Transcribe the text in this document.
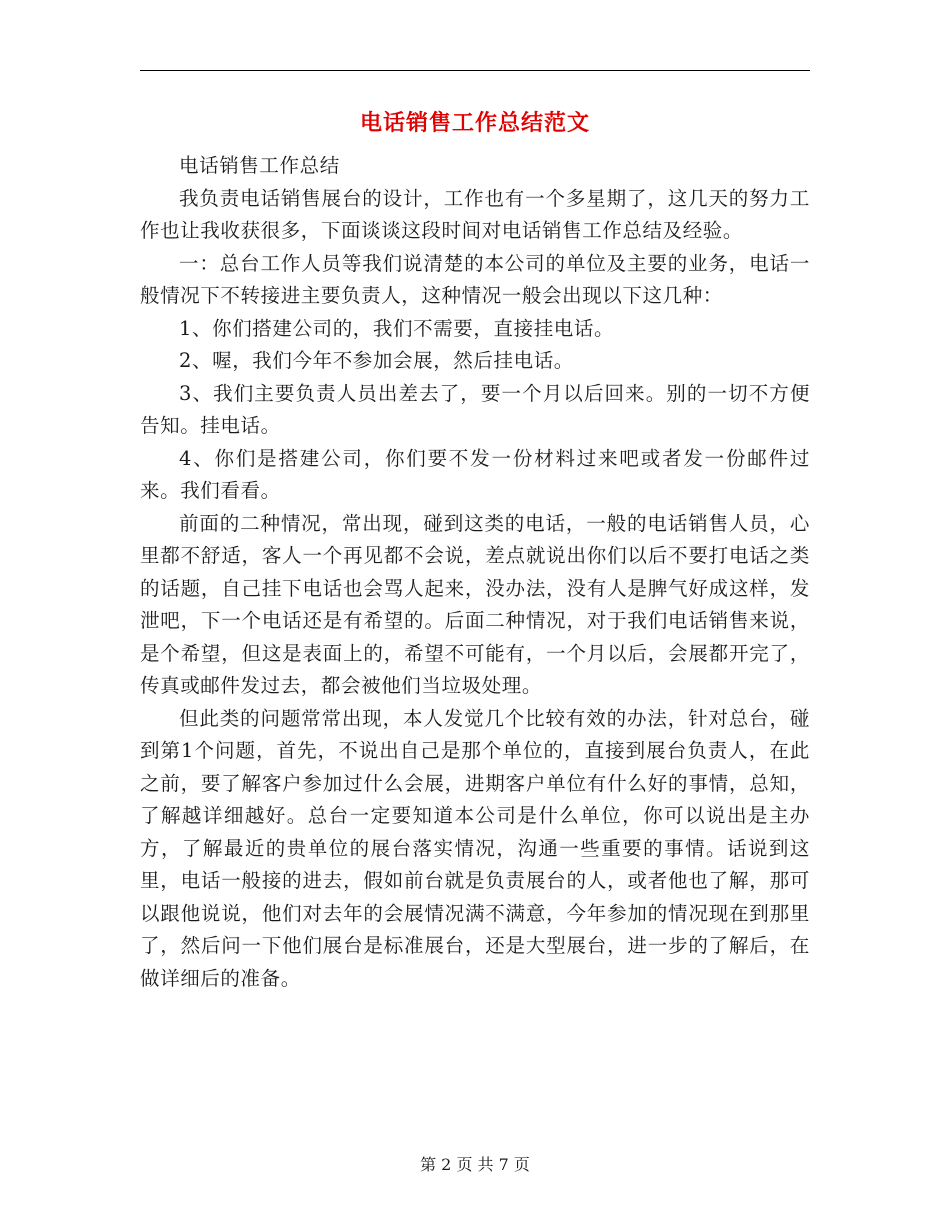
电话销售工作总结范文

电话销售工作总结

我负责电话销售展台的设计，工作也有一个多星期了，这几天的努力工作也让我收获很多，下面谈谈这段时间对电话销售工作总结及经验。

一：总台工作人员等我们说清楚的本公司的单位及主要的业务，电话一般情况下不转接进主要负责人，这种情况一般会出现以下这几种：

1、你们搭建公司的，我们不需要，直接挂电话。

2、喔，我们今年不参加会展，然后挂电话。

3、我们主要负责人员出差去了，要一个月以后回来。别的一切不方便告知。挂电话。

4、你们是搭建公司，你们要不发一份材料过来吧或者发一份邮件过来。我们看看。

前面的二种情况，常出现，碰到这类的电话，一般的电话销售人员，心里都不舒适，客人一个再见都不会说，差点就说出你们以后不要打电话之类的话题，自己挂下电话也会骂人起来，没办法，没有人是脾气好成这样，发泄吧，下一个电话还是有希望的。后面二种情况，对于我们电话销售来说，是个希望，但这是表面上的，希望不可能有，一个月以后，会展都开完了，传真或邮件发过去，都会被他们当垃圾处理。

但此类的问题常常出现，本人发觉几个比较有效的办法，针对总台，碰到第1个问题，首先，不说出自己是那个单位的，直接到展台负责人，在此之前，要了解客户参加过什么会展，进期客户单位有什么好的事情，总知，了解越详细越好。总台一定要知道本公司是什么单位，你可以说出是主办方，了解最近的贵单位的展台落实情况，沟通一些重要的事情。话说到这里，电话一般接的进去，假如前台就是负责展台的人，或者他也了解，那可以跟他说说，他们对去年的会展情况满不满意，今年参加的情况现在到那里了，然后问一下他们展台是标准展台，还是大型展台，进一步的了解后，在做详细后的准备。

第 2 页 共 7 页
